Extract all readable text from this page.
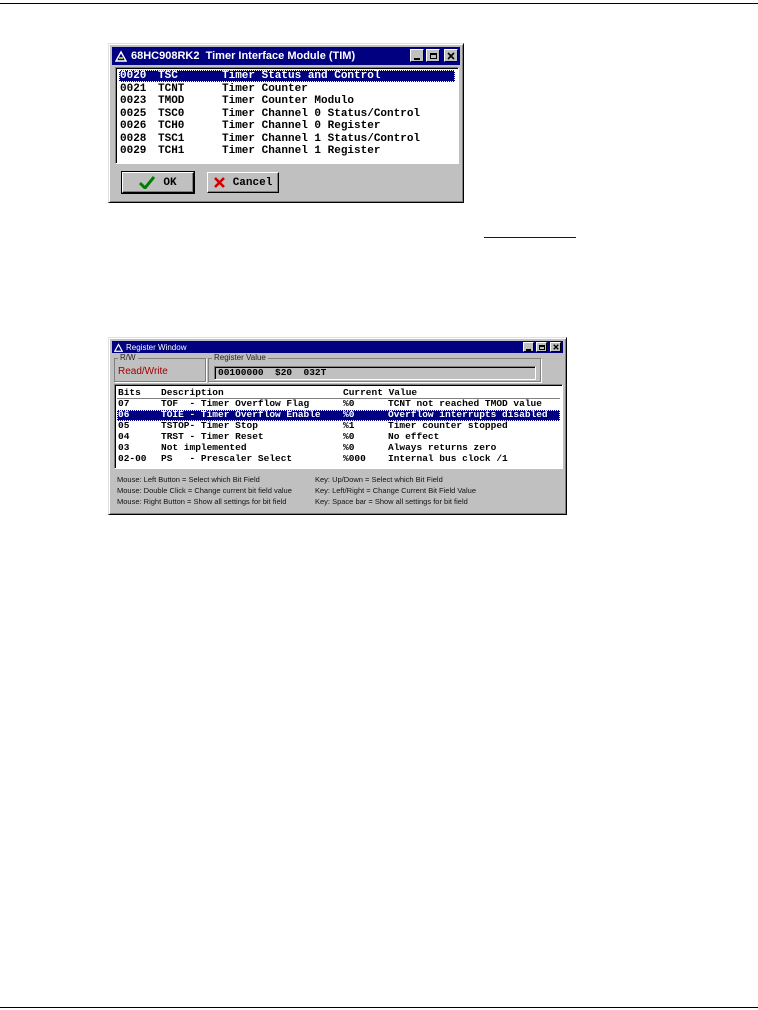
68HC908RK2  Timer Interface Module (TIM)
0020 TSC	Timer Status and Control
0021 TCNT	Timer Counter
0023 TMOD	Timer Counter Modulo
0025 TSC0	Timer Channel 0 Status/Control
0026 TCH0	Timer Channel 0 Register
0028 TSC1	Timer Channel 1 Status/Control
0029 TCH1	Timer Channel 1 Register
OK	Cancel
Register Window
R/W
Read/Write
Register Value
00100000  $20  032T
Bits Description	Current Value
07	TOF  - Timer Overflow Flag	%0	TCNT not reached TMOD value
06	TOIE - Timer Overflow Enable %0	Overflow interrupts disabled
05	TSTOP- Timer Stop	%1	Timer counter stopped
04	TRST - Timer Reset	%0	No effect
03	Not implemented	%0	Always returns zero
02-00 PS   - Prescaler Select	%000 Internal bus clock /1
Mouse: Left Button = Select which Bit Field
Mouse: Double Click = Change current bit field value
Mouse: Right Button = Show all settings for bit field
Key: Up/Down = Select which Bit Field
Key: Left/Right = Change Current Bit Field Value
Key: Space bar = Show all settings for bit field
